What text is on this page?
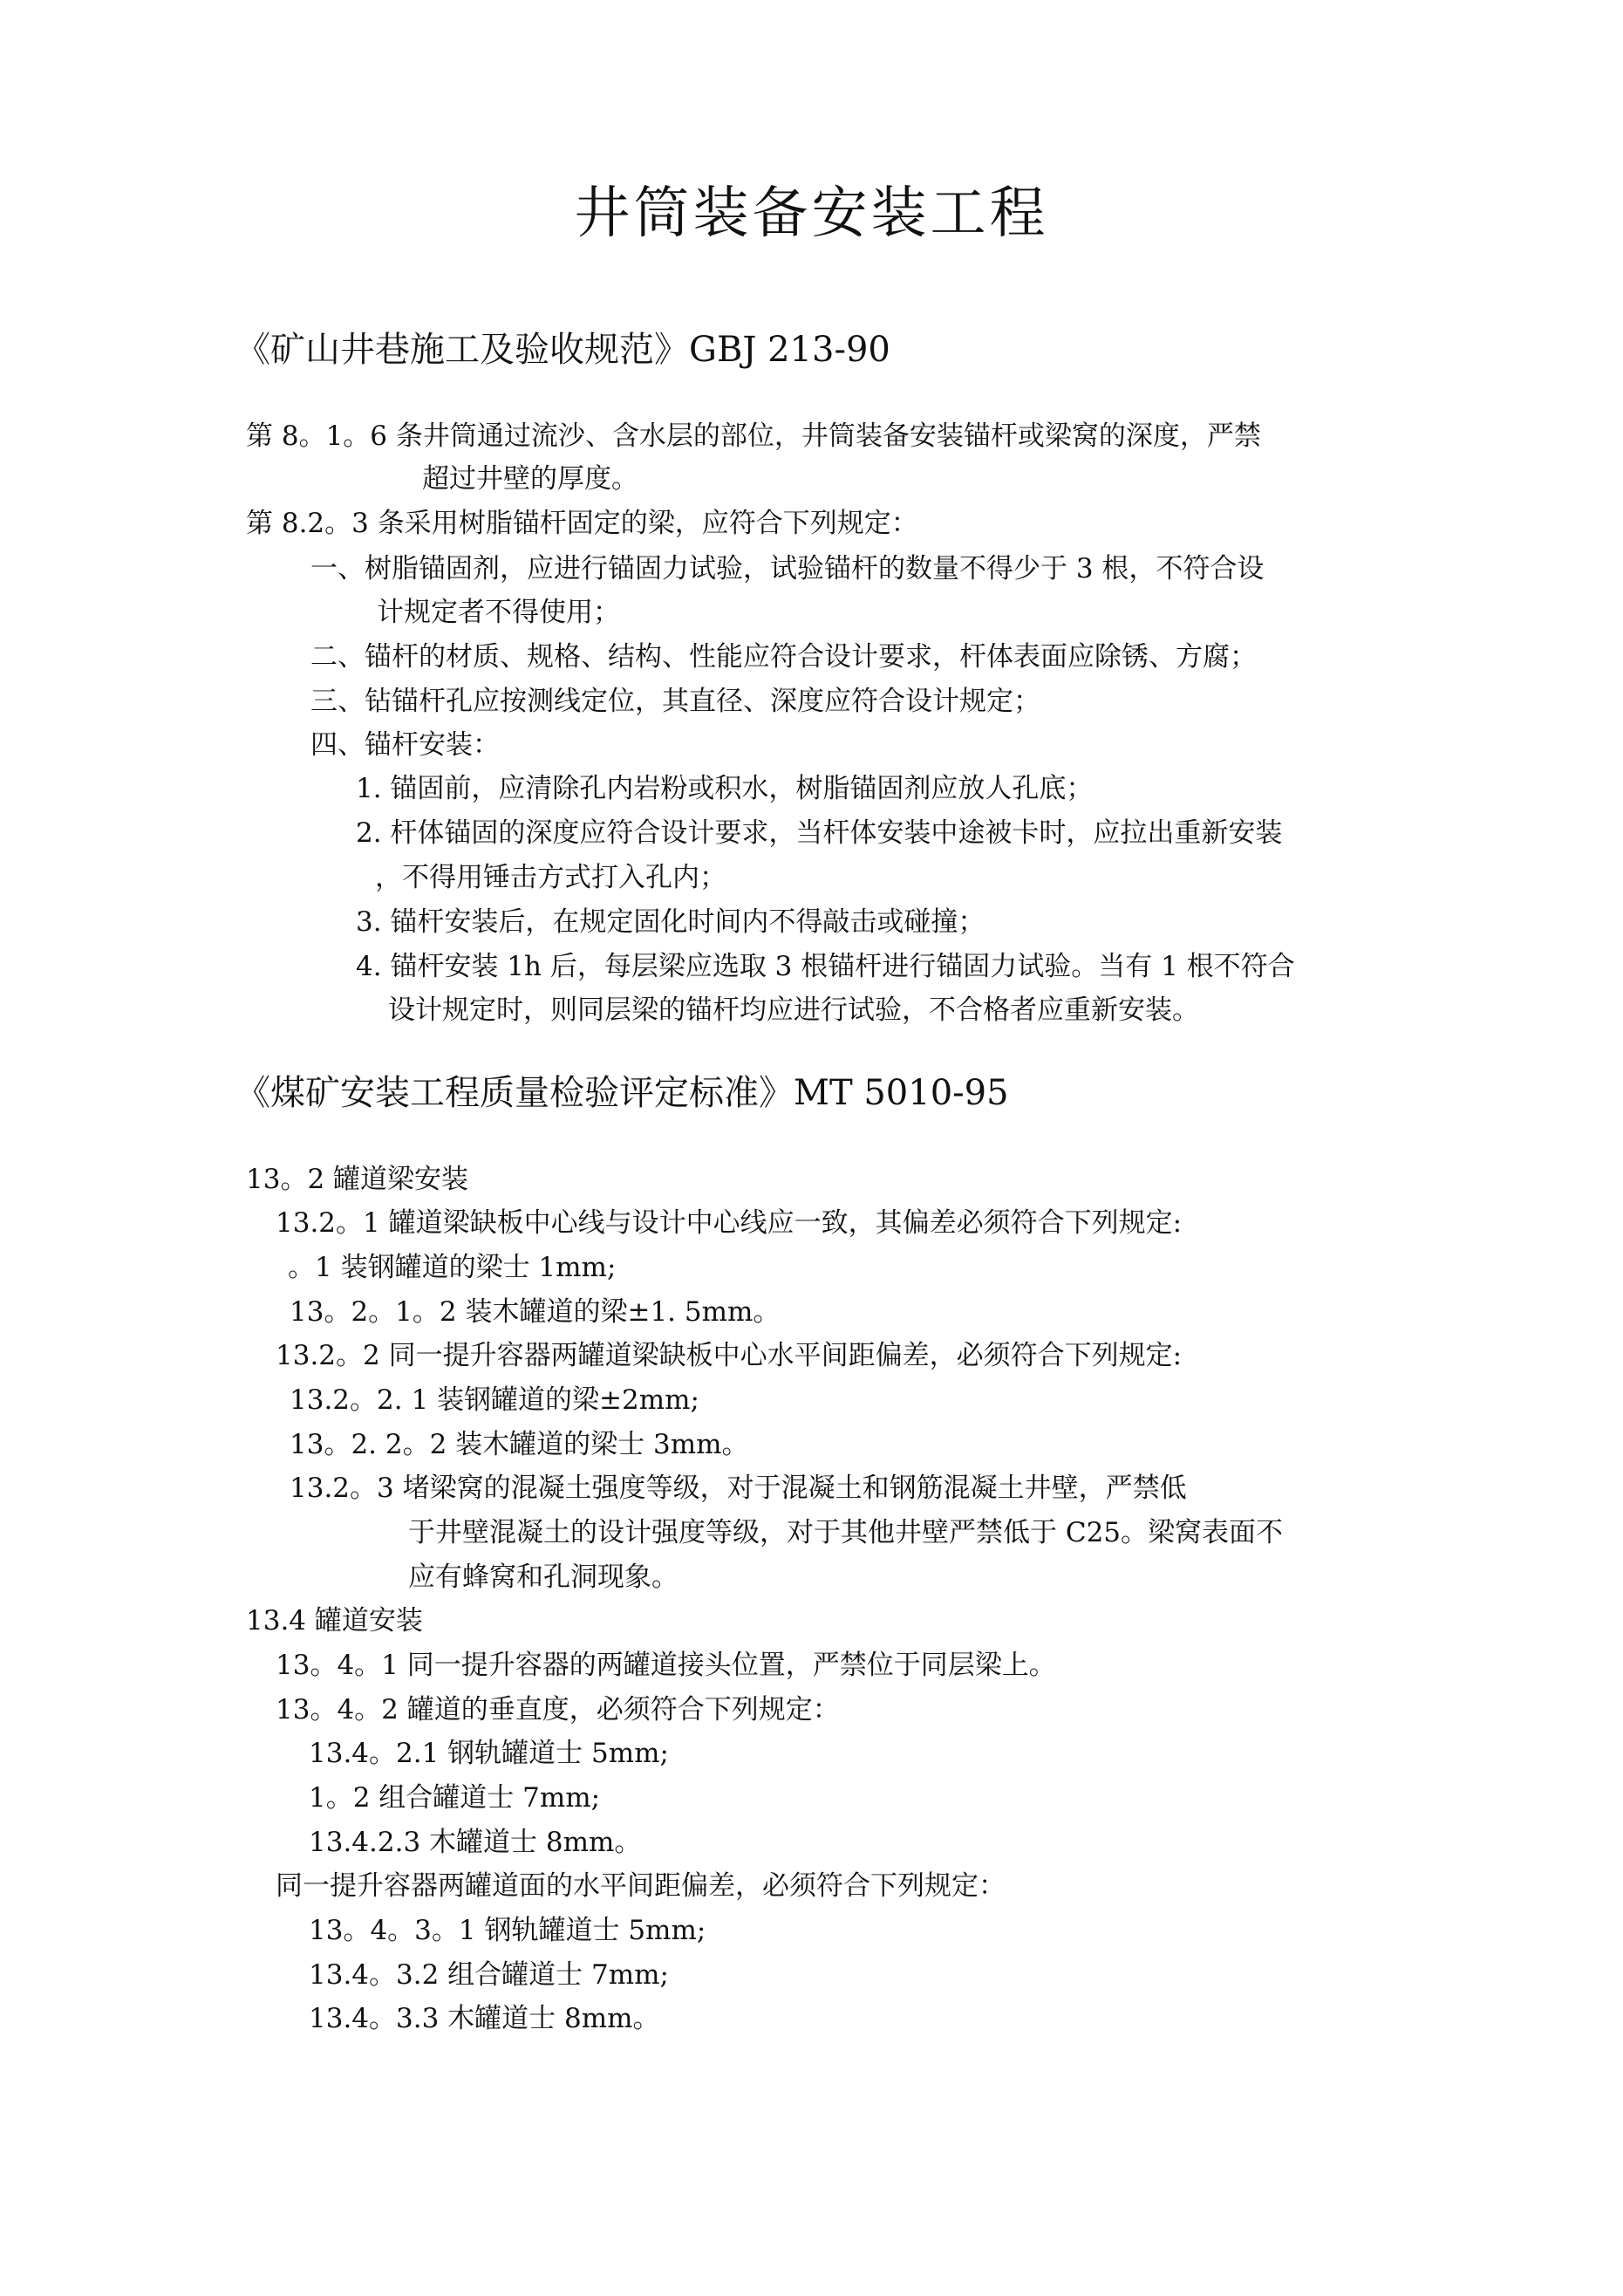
井筒装备安装工程
《矿山井巷施工及验收规范》GBJ 213-90
第 8。1。6 条井筒通过流沙、含水层的部位，井筒装备安装锚杆或梁窝的深度，严禁
超过井壁的厚度。
第 8.2。3 条采用树脂锚杆固定的梁，应符合下列规定：
一、树脂锚固剂，应进行锚固力试验，试验锚杆的数量不得少于 3 根，不符合设
计规定者不得使用；
二、锚杆的材质、规格、结构、性能应符合设计要求，杆体表面应除锈、方腐；
三、钻锚杆孔应按测线定位，其直径、深度应符合设计规定；
四、锚杆安装：
1. 锚固前，应清除孔内岩粉或积水，树脂锚固剂应放人孔底；
2. 杆体锚固的深度应符合设计要求，当杆体安装中途被卡时，应拉出重新安装
，不得用锤击方式打入孔内；
3. 锚杆安装后，在规定固化时间内不得敲击或碰撞；
4. 锚杆安装 1h 后，每层梁应选取 3 根锚杆进行锚固力试验。当有 1 根不符合
设计规定时，则同层梁的锚杆均应进行试验，不合格者应重新安装。
《煤矿安装工程质量检验评定标准》MT 5010-95
13。2 罐道梁安装
13.2。1 罐道梁缺板中心线与设计中心线应一致，其偏差必须符合下列规定:
。1 装钢罐道的梁士 1mm;
13。2。1。2 装木罐道的梁±1. 5mm。
13.2。2 同一提升容器两罐道梁缺板中心水平间距偏差，必须符合下列规定:
13.2。2. 1 装钢罐道的梁±2mm;
13。2. 2。2 装木罐道的梁士 3mm。
13.2。3 堵梁窝的混凝土强度等级，对于混凝土和钢筋混凝土井壁，严禁低
于井壁混凝土的设计强度等级，对于其他井壁严禁低于 C25。梁窝表面不
应有蜂窝和孔洞现象。
13.4 罐道安装
13。4。1 同一提升容器的两罐道接头位置，严禁位于同层梁上。
13。4。2 罐道的垂直度，必须符合下列规定：
13.4。2.1 钢轨罐道士 5mm;
1。2 组合罐道士 7mm;
13.4.2.3 木罐道士 8mm。
同一提升容器两罐道面的水平间距偏差，必须符合下列规定：
13。4。3。1 钢轨罐道士 5mm;
13.4。3.2 组合罐道士 7mm;
13.4。3.3 木罐道士 8mm。
